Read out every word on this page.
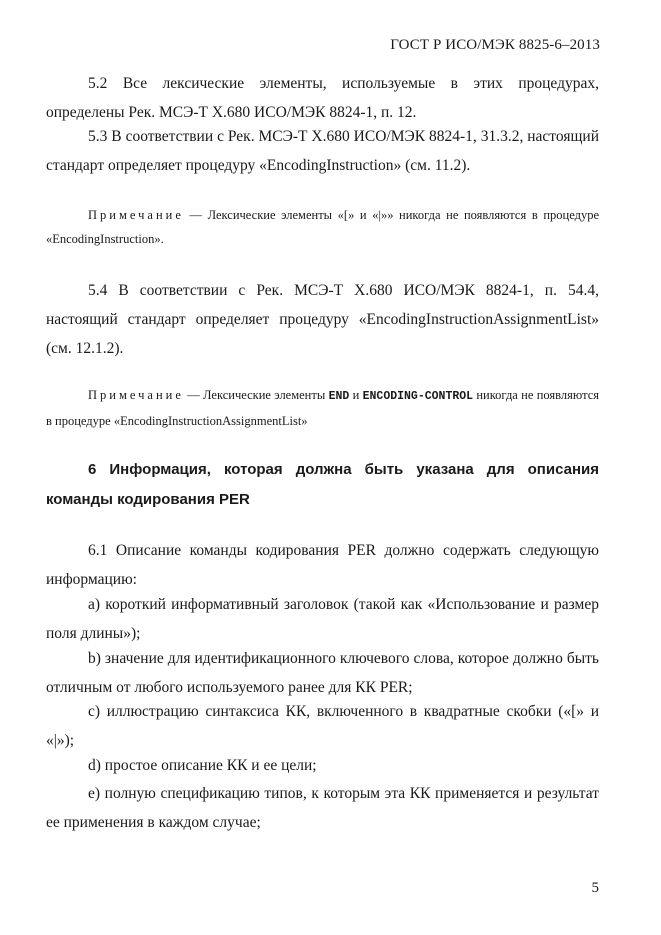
ГОСТ Р ИСО/МЭК 8825-6–2013

5.2 Все лексические элементы, используемые в этих процедурах, определены Рек. МСЭ-Т X.680 ИСО/МЭК 8824-1, п. 12.

5.3 В соответствии с Рек. МСЭ-Т X.680 ИСО/МЭК 8824-1, 31.3.2, настоящий стандарт определяет процедуру «EncodingInstruction» (см. 11.2).

Примечание — Лексические элементы «[» и «|»» никогда не появляются в процедуре «EncodingInstruction».

5.4 В соответствии с Рек. МСЭ-Т X.680 ИСО/МЭК 8824-1, п. 54.4, настоящий стандарт определяет процедуру «EncodingInstructionAssignmentList» (см. 12.1.2).

Примечание — Лексические элементы END и ENCODING-CONTROL никогда не появляются в процедуре «EncodingInstructionAssignmentList»

6 Информация, которая должна быть указана для описания команды кодирования PER

6.1 Описание команды кодирования PER должно содержать следующую информацию:

a) короткий информативный заголовок (такой как «Использование и размер поля длины»);

b) значение для идентификационного ключевого слова, которое должно быть отличным от любого используемого ранее для КК PER;

c) иллюстрацию синтаксиса КК, включенного в квадратные скобки («[» и «|»);

d) простое описание КК и ее цели;

e) полную спецификацию типов, к которым эта КК применяется и результат ее применения в каждом случае;

5
